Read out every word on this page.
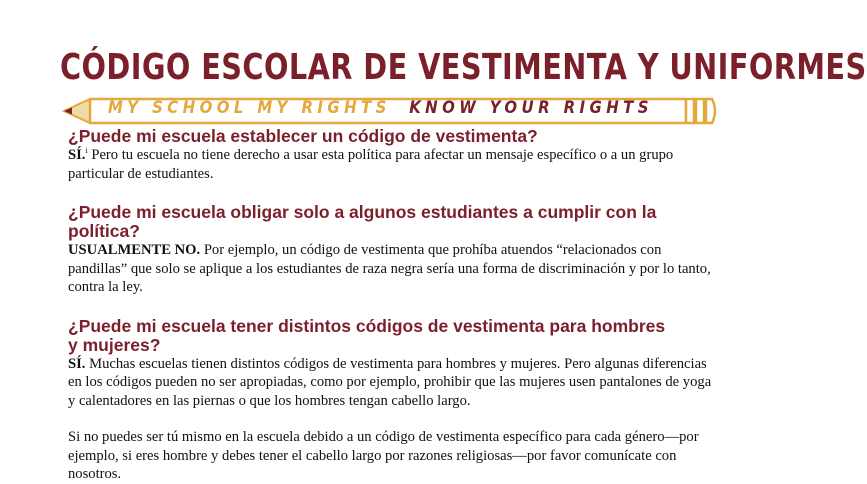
CÓDIGO ESCOLAR DE VESTIMENTA Y UNIFORMES
MY SCHOOL MY RIGHTS KNOW YOUR RIGHTS

¿Puede mi escuela establecer un código de vestimenta?

SÍ.$^i$ Pero tu escuela no tiene derecho a usar esta política para afectar un mensaje específico o a un grupo particular de estudiantes.

¿Puede mi escuela obligar solo a algunos estudiantes a cumplir con la política?

USUALMENTE NO. Por ejemplo, un código de vestimenta que prohíba atuendos “relacionados con pandillas” que solo se aplique a los estudiantes de raza negra sería una forma de discriminación y por lo tanto, contra la ley.

¿Puede mi escuela tener distintos códigos de vestimenta para hombres y mujeres?

SÍ. Muchas escuelas tienen distintos códigos de vestimenta para hombres y mujeres. Pero algunas diferencias en los códigos pueden no ser apropiadas, como por ejemplo, prohibir que las mujeres usen pantalones de yoga y calentadores en las piernas o que los hombres tengan cabello largo.

Si no puedes ser tú mismo en la escuela debido a un código de vestimenta específico para cada género—por ejemplo, si eres hombre y debes tener el cabello largo por razones religiosas—por favor comunícate con nosotros.
